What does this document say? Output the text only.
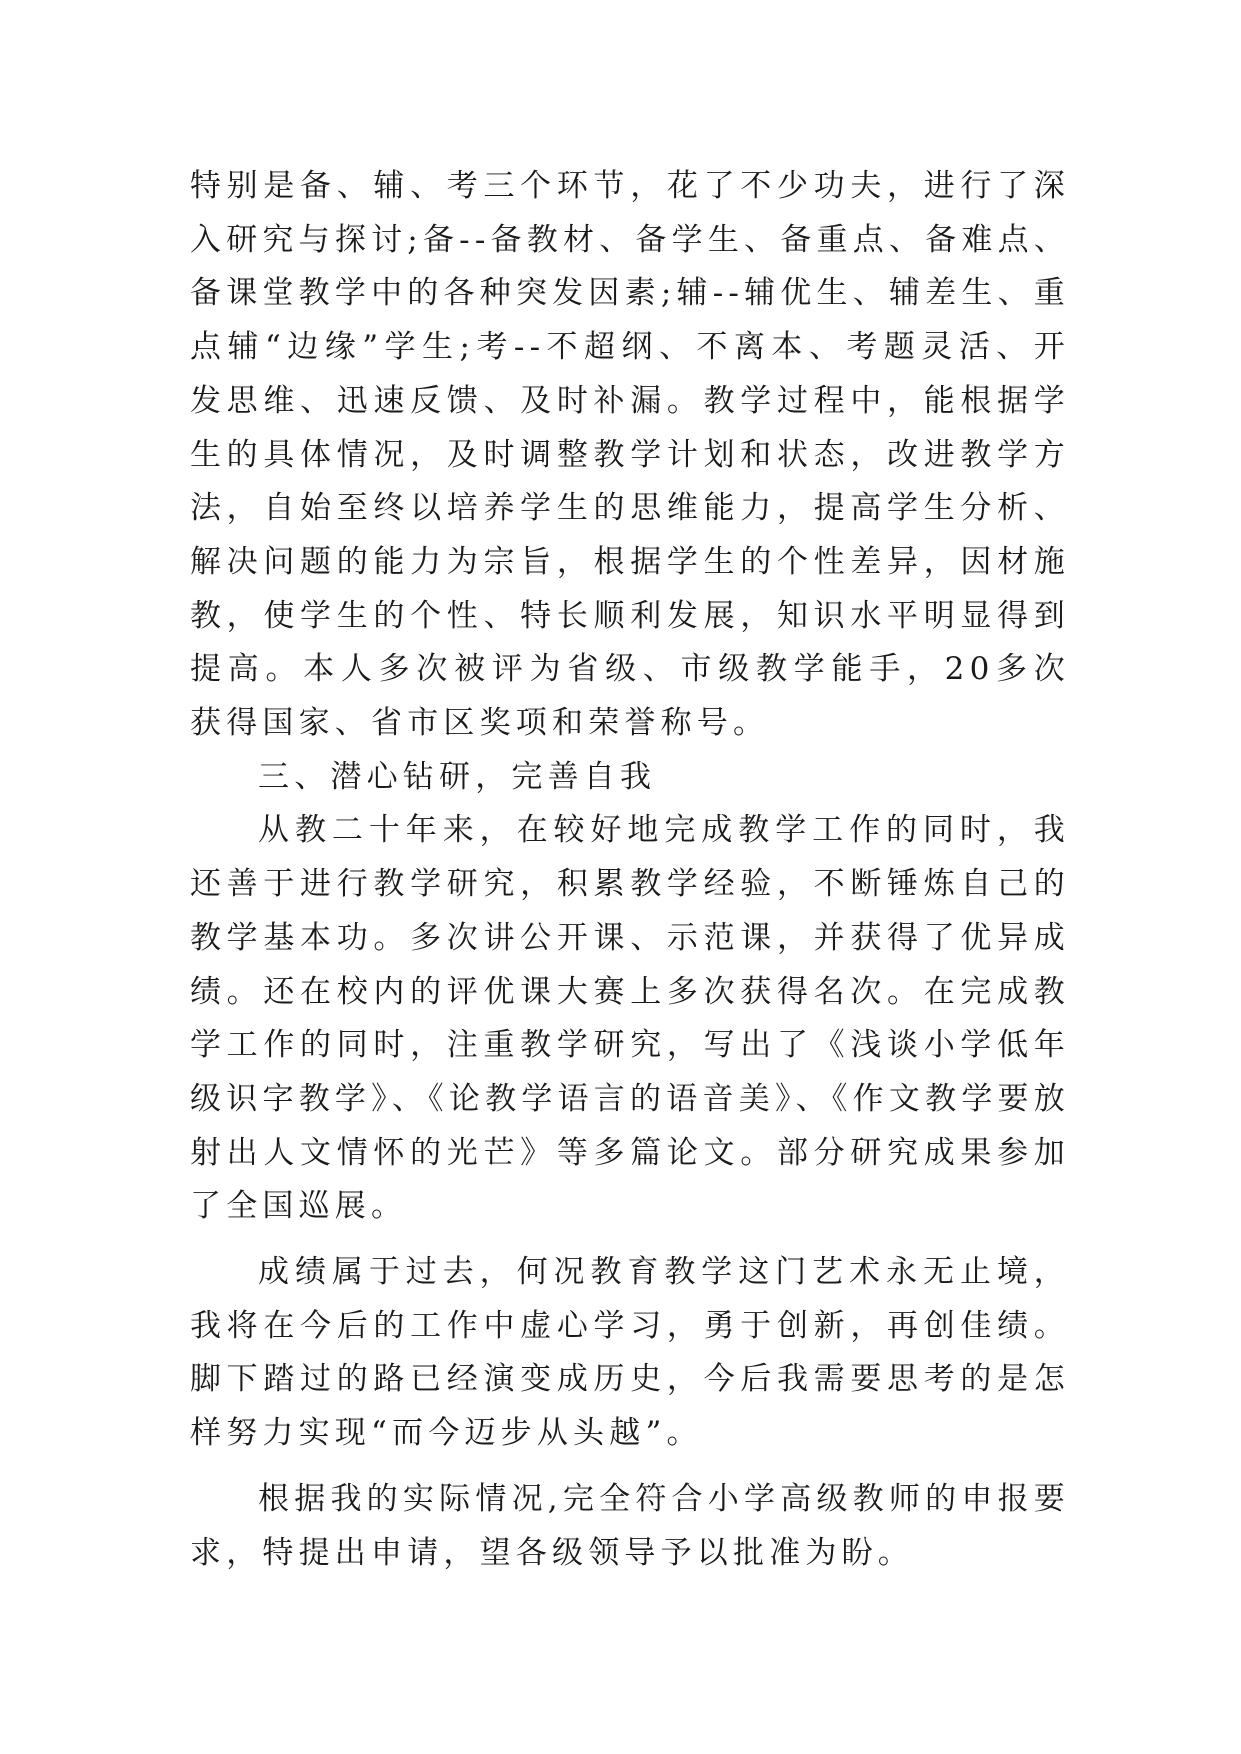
特别是备、辅、考三个环节，花了不少功夫，进行了深入研究与探讨;备--备教材、备学生、备重点、备难点、备课堂教学中的各种突发因素;辅--辅优生、辅差生、重点辅“边缘”学生;考--不超纲、不离本、考题灵活、开发思维、迅速反馈、及时补漏。教学过程中，能根据学生的具体情况，及时调整教学计划和状态，改进教学方法，自始至终以培养学生的思维能力，提高学生分析、解决问题的能力为宗旨，根据学生的个性差异，因材施教，使学生的个性、特长顺利发展，知识水平明显得到提高。本人多次被评为省级、市级教学能手，20多次获得国家、省市区奖项和荣誉称号。

三、潜心钻研，完善自我

从教二十年来，在较好地完成教学工作的同时，我还善于进行教学研究，积累教学经验，不断锤炼自己的教学基本功。多次讲公开课、示范课，并获得了优异成绩。还在校内的评优课大赛上多次获得名次。在完成教学工作的同时，注重教学研究，写出了《浅谈小学低年级识字教学》、《论教学语言的语音美》、《作文教学要放射出人文情怀的光芒》等多篇论文。部分研究成果参加了全国巡展。

成绩属于过去，何况教育教学这门艺术永无止境，我将在今后的工作中虚心学习，勇于创新，再创佳绩。脚下踏过的路已经演变成历史，今后我需要思考的是怎样努力实现“而今迈步从头越”。

根据我的实际情况,完全符合小学高级教师的申报要求，特提出申请，望各级领导予以批准为盼。
